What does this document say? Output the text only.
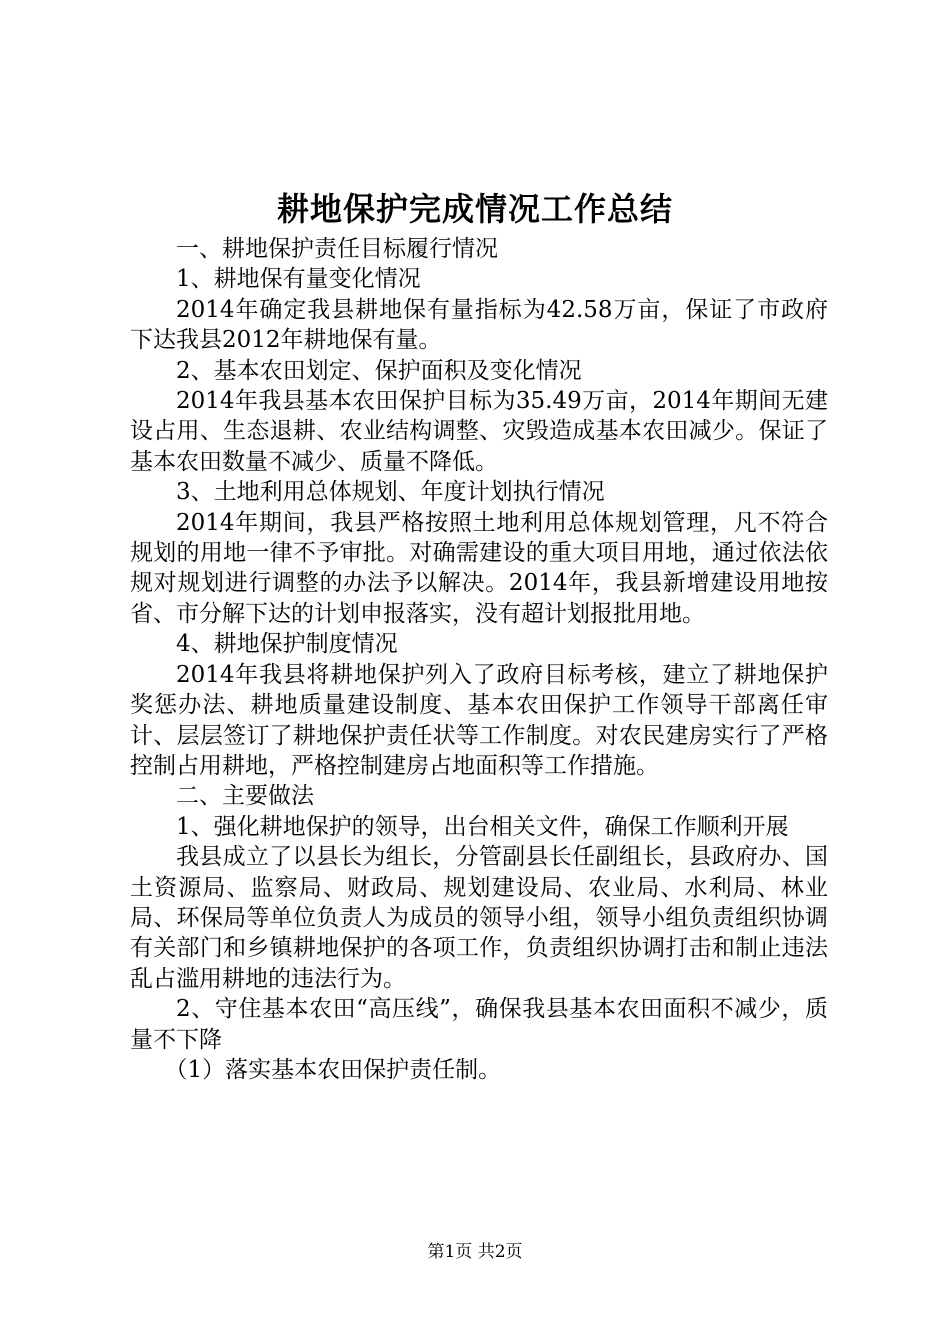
耕地保护完成情况工作总结

一、耕地保护责任目标履行情况

1、耕地保有量变化情况

2014年确定我县耕地保有量指标为42.58万亩，保证了市政府下达我县2012年耕地保有量。

2、基本农田划定、保护面积及变化情况

2014年我县基本农田保护目标为35.49万亩，2014年期间无建设占用、生态退耕、农业结构调整、灾毁造成基本农田减少。保证了基本农田数量不减少、质量不降低。

3、土地利用总体规划、年度计划执行情况

2014年期间，我县严格按照土地利用总体规划管理，凡不符合规划的用地一律不予审批。对确需建设的重大项目用地，通过依法依规对规划进行调整的办法予以解决。2014年，我县新增建设用地按省、市分解下达的计划申报落实，没有超计划报批用地。

4、耕地保护制度情况

2014年我县将耕地保护列入了政府目标考核，建立了耕地保护奖惩办法、耕地质量建设制度、基本农田保护工作领导干部离任审计、层层签订了耕地保护责任状等工作制度。对农民建房实行了严格控制占用耕地，严格控制建房占地面积等工作措施。

二、主要做法

1、强化耕地保护的领导，出台相关文件，确保工作顺利开展

我县成立了以县长为组长，分管副县长任副组长，县政府办、国土资源局、监察局、财政局、规划建设局、农业局、水利局、林业局、环保局等单位负责人为成员的领导小组，领导小组负责组织协调有关部门和乡镇耕地保护的各项工作，负责组织协调打击和制止违法乱占滥用耕地的违法行为。

2、守住基本农田“高压线”，确保我县基本农田面积不减少，质量不下降

（1）落实基本农田保护责任制。

第1页 共2页
